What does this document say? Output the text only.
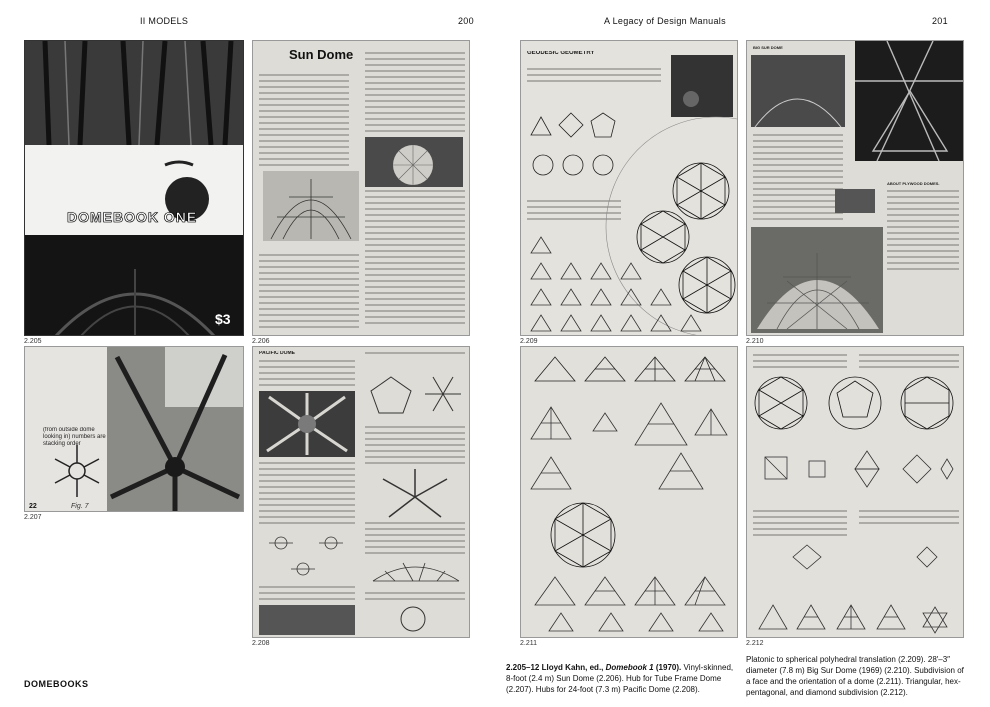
II MODELS	200	A Legacy of Design Manuals	201
DOMEBOOK ONE
$3
2.205
Sun Dome
2.206
(from outside dome looking in) numbers are stacking order
22	Fig. 7
2.207
PACIFIC DOME
2.208
2.205–12 Lloyd Kahn, ed., Domebook 1 (1970). Vinyl-skinned, 8-foot (2.4 m) Sun Dome (2.206). Hub for Tube Frame Dome (2.207). Hubs for 24-foot (7.3 m) Pacific Dome (2.208).
DOMEBOOKS
GEODESIC GEOMETRY
2.209
BIG SUR DOME
ABOUT PLYWOOD DOMES.
2.210
2.211	2.212
Platonic to spherical polyhedral translation (2.209). 28′–3″ diameter (7.8 m) Big Sur Dome (1969) (2.210). Subdivision of a face and the orientation of a dome (2.211). Triangular, hex-pentagonal, and diamond subdivision (2.212).
